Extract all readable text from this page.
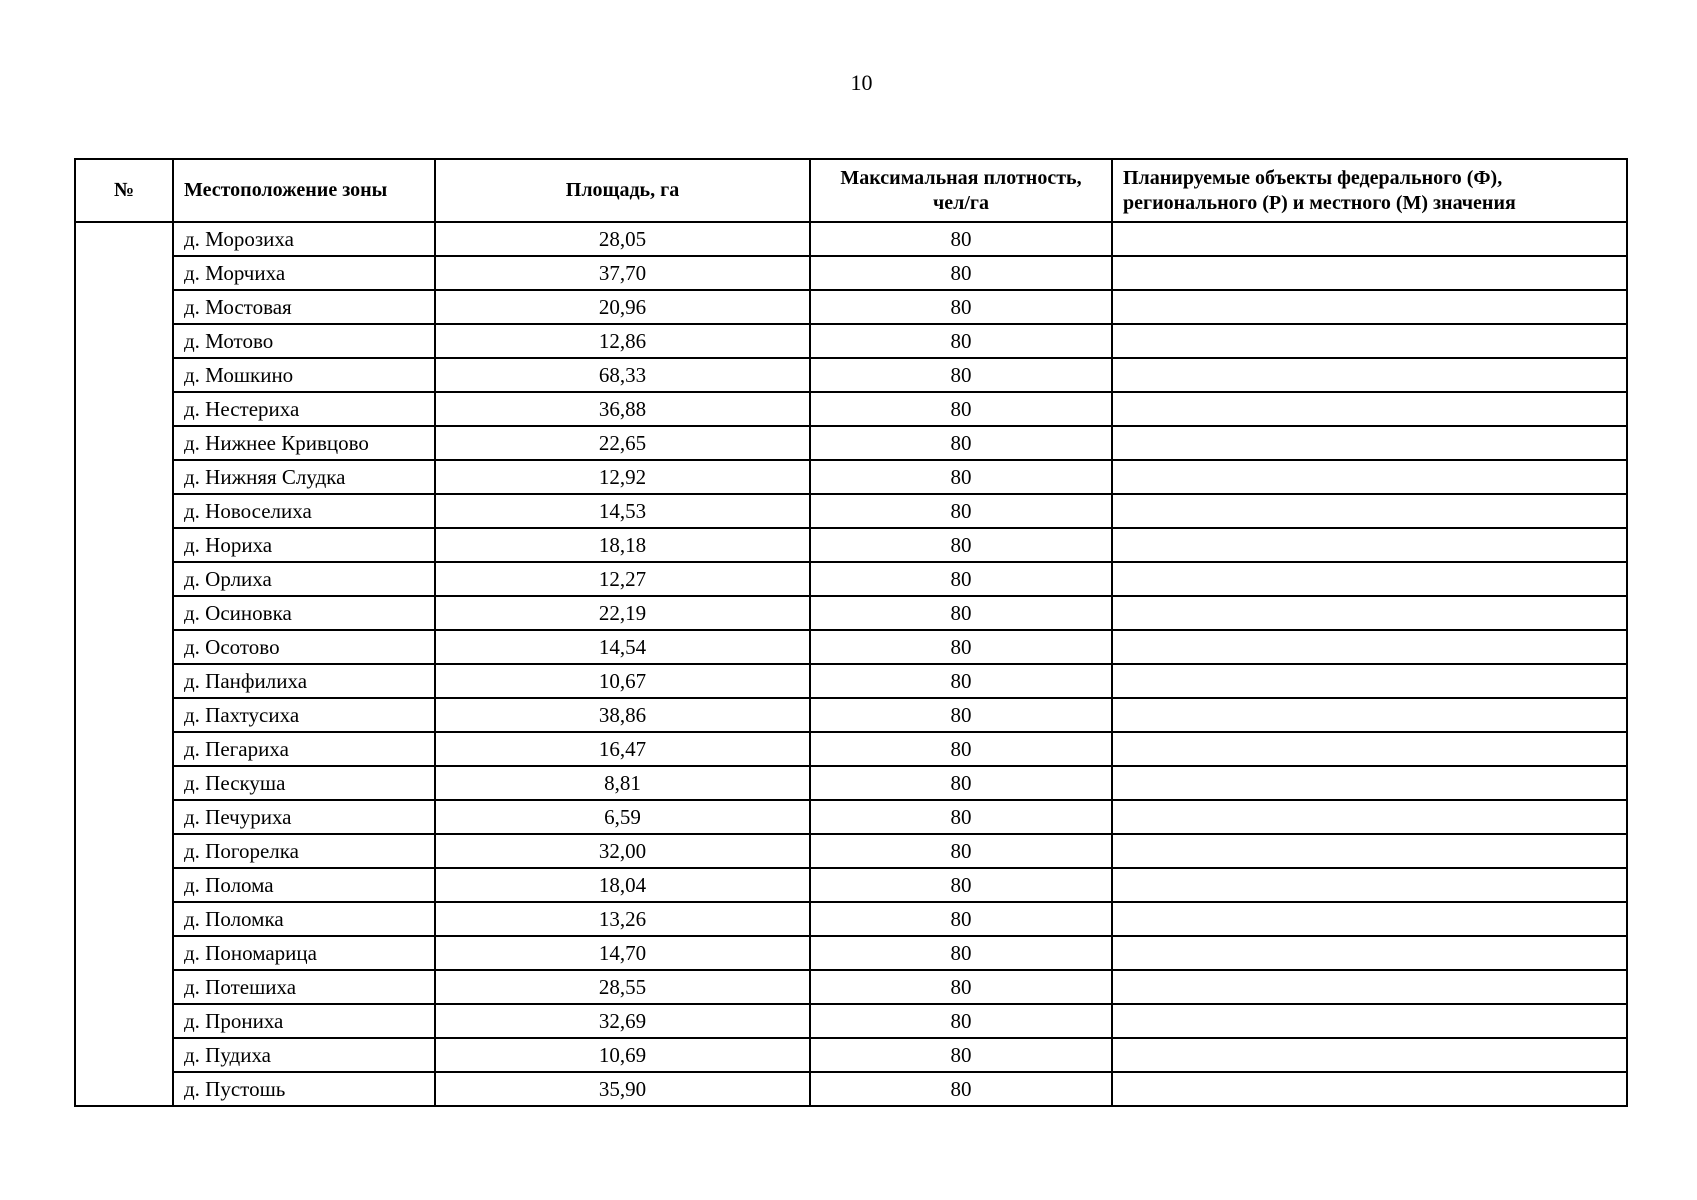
10
№	Местоположение зоны	Площадь, га	Максимальная плотность,
чел/га	Планируемые объекты федерального (Ф),
регионального (Р) и местного (М) значения
	д. Морозиха	28,05	80	
	д. Морчиха	37,70	80	
	д. Мостовая	20,96	80	
	д. Мотово	12,86	80	
	д. Мошкино	68,33	80	
	д. Нестериха	36,88	80	
	д. Нижнее Кривцово	22,65	80	
	д. Нижняя Слудка	12,92	80	
	д. Новоселиха	14,53	80	
	д. Нориха	18,18	80	
	д. Орлиха	12,27	80	
	д. Осиновка	22,19	80	
	д. Осотово	14,54	80	
	д. Панфилиха	10,67	80	
	д. Пахтусиха	38,86	80	
	д. Пегариха	16,47	80	
	д. Пескуша	8,81	80	
	д. Печуриха	6,59	80	
	д. Погорелка	32,00	80	
	д. Полома	18,04	80	
	д. Поломка	13,26	80	
	д. Пономарица	14,70	80	
	д. Потешиха	28,55	80	
	д. Прониха	32,69	80	
	д. Пудиха	10,69	80	
	д. Пустошь	35,90	80	
